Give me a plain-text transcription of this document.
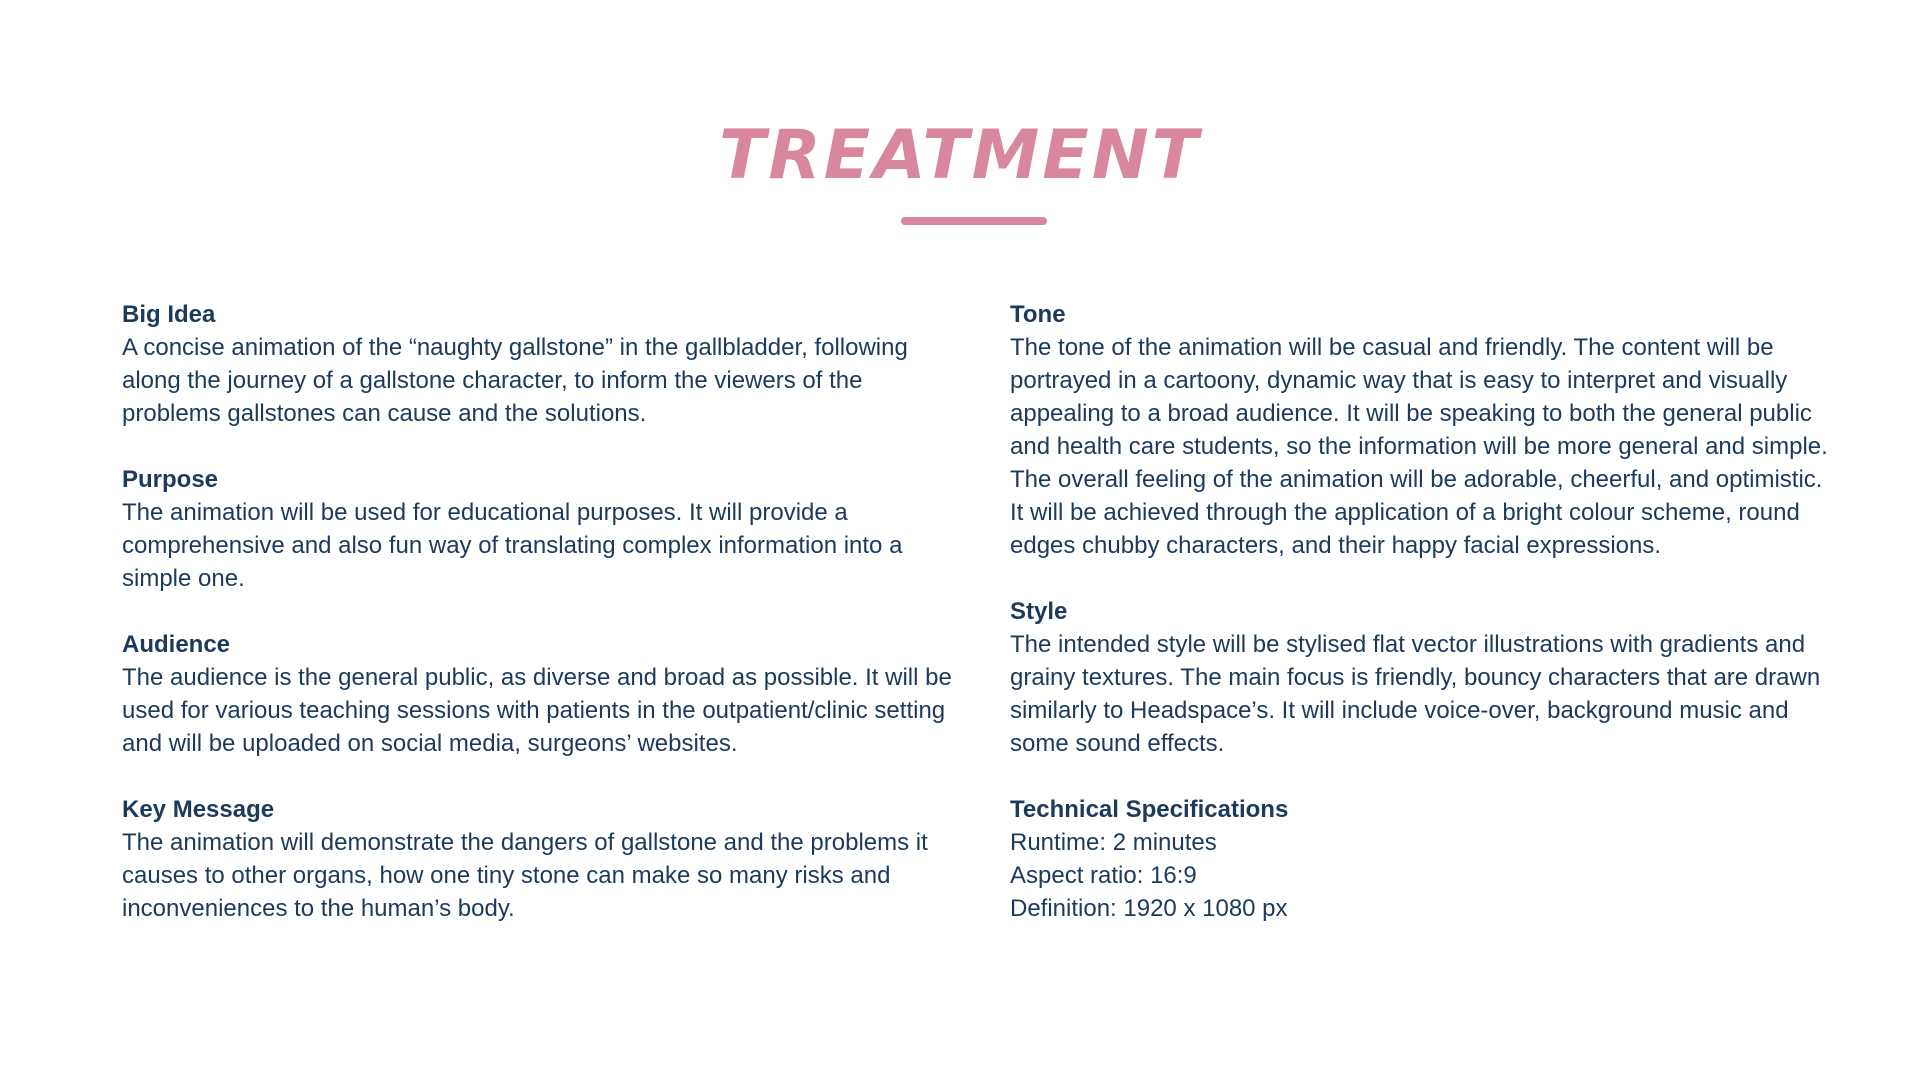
TREATMENT

Big Idea

A concise animation of the “naughty gallstone” in the gallbladder, following along the journey of a gallstone character, to inform the viewers of the problems gallstones can cause and the solutions.

Purpose

The animation will be used for educational purposes. It will provide a comprehensive and also fun way of translating complex information into a simple one.

Audience

The audience is the general public, as diverse and broad as possible. It will be used for various teaching sessions with patients in the outpatient/clinic setting and will be uploaded on social media, surgeons’ websites.

Key Message

The animation will demonstrate the dangers of gallstone and the problems it causes to other organs, how one tiny stone can make so many risks and inconveniences to the human’s body.

Tone

The tone of the animation will be casual and friendly. The content will be portrayed in a cartoony, dynamic way that is easy to interpret and visually appealing to a broad audience. It will be speaking to both the general public and health care students, so the information will be more general and simple. The overall feeling of the animation will be adorable, cheerful, and optimistic. It will be achieved through the application of a bright colour scheme, round edges chubby characters, and their happy facial expressions.

Style

The intended style will be stylised flat vector illustrations with gradients and grainy textures. The main focus is friendly, bouncy characters that are drawn similarly to Headspace’s. It will include voice-over, background music and some sound effects.

Technical Specifications

Runtime: 2 minutes

Aspect ratio: 16:9

Definition: 1920 x 1080 px
